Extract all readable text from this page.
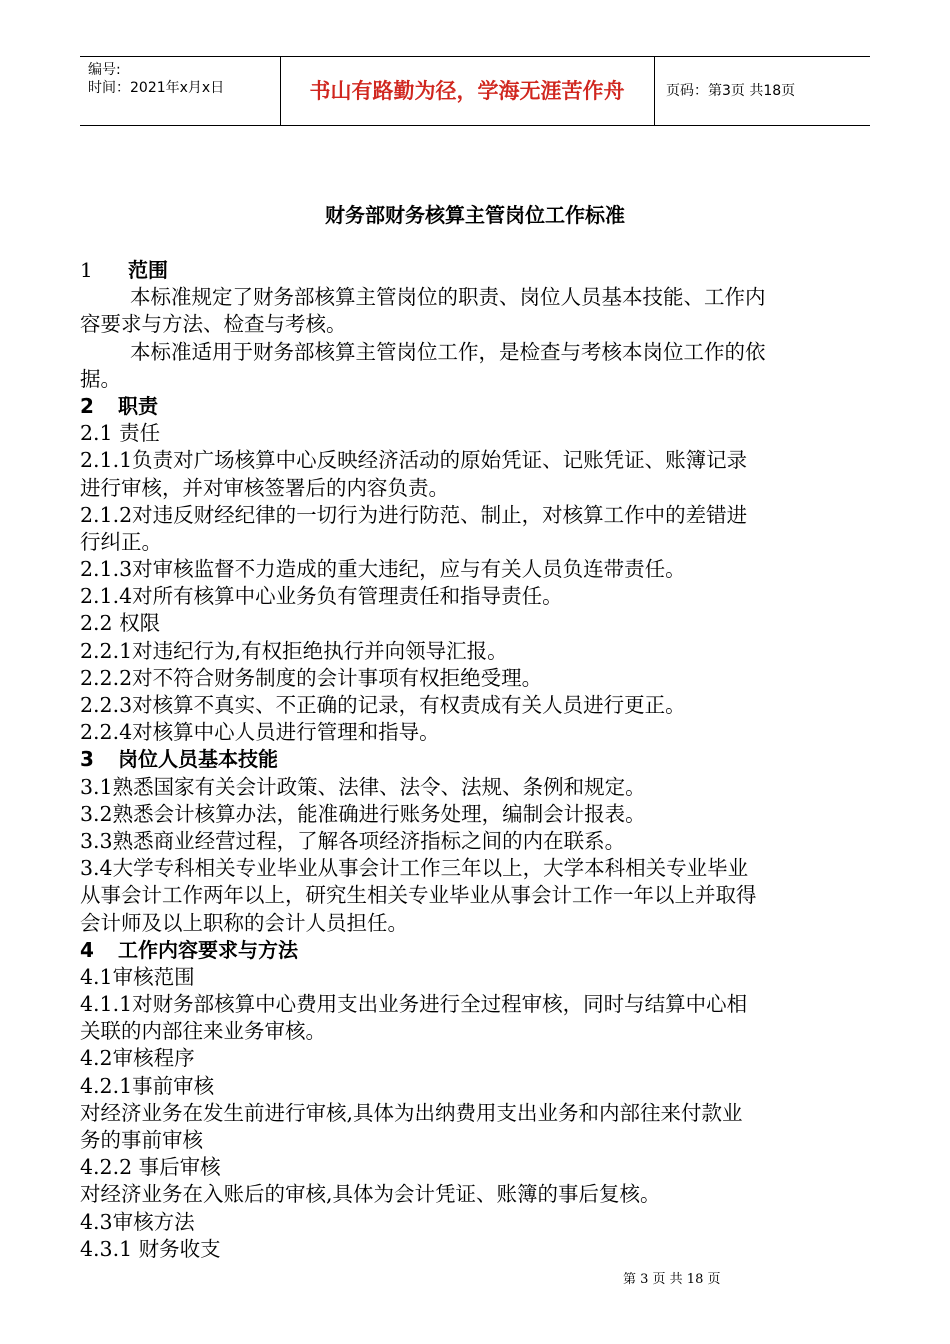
编号:
时间：2021年x月x日	书山有路勤为径，学海无涯苦作舟	页码：第3页 共18页
财务部财务核算主管岗位工作标准
1 范围
本标准规定了财务部核算主管岗位的职责、岗位人员基本技能、工作内
容要求与方法、检查与考核。
本标准适用于财务部核算主管岗位工作，是检查与考核本岗位工作的依
据。
2 职责
2.1 责任
2.1.1负责对广场核算中心反映经济活动的原始凭证、记账凭证、账簿记录
进行审核，并对审核签署后的内容负责。
2.1.2对违反财经纪律的一切行为进行防范、制止，对核算工作中的差错进
行纠正。
2.1.3对审核监督不力造成的重大违纪，应与有关人员负连带责任。
2.1.4对所有核算中心业务负有管理责任和指导责任。
2.2 权限
2.2.1对违纪行为,有权拒绝执行并向领导汇报。
2.2.2对不符合财务制度的会计事项有权拒绝受理。
2.2.3对核算不真实、不正确的记录，有权责成有关人员进行更正。
2.2.4对核算中心人员进行管理和指导。
3 岗位人员基本技能
3.1熟悉国家有关会计政策、法律、法令、法规、条例和规定。
3.2熟悉会计核算办法，能准确进行账务处理，编制会计报表。
3.3熟悉商业经营过程，了解各项经济指标之间的内在联系。
3.4大学专科相关专业毕业从事会计工作三年以上，大学本科相关专业毕业
从事会计工作两年以上，研究生相关专业毕业从事会计工作一年以上并取得
会计师及以上职称的会计人员担任。
4 工作内容要求与方法
4.1审核范围
4.1.1对财务部核算中心费用支出业务进行全过程审核，同时与结算中心相
关联的内部往来业务审核。
4.2审核程序
4.2.1事前审核
对经济业务在发生前进行审核,具体为出纳费用支出业务和内部往来付款业
务的事前审核
4.2.2 事后审核
对经济业务在入账后的审核,具体为会计凭证、账簿的事后复核。
4.3审核方法
4.3.1 财务收支
第 3 页 共 18 页
